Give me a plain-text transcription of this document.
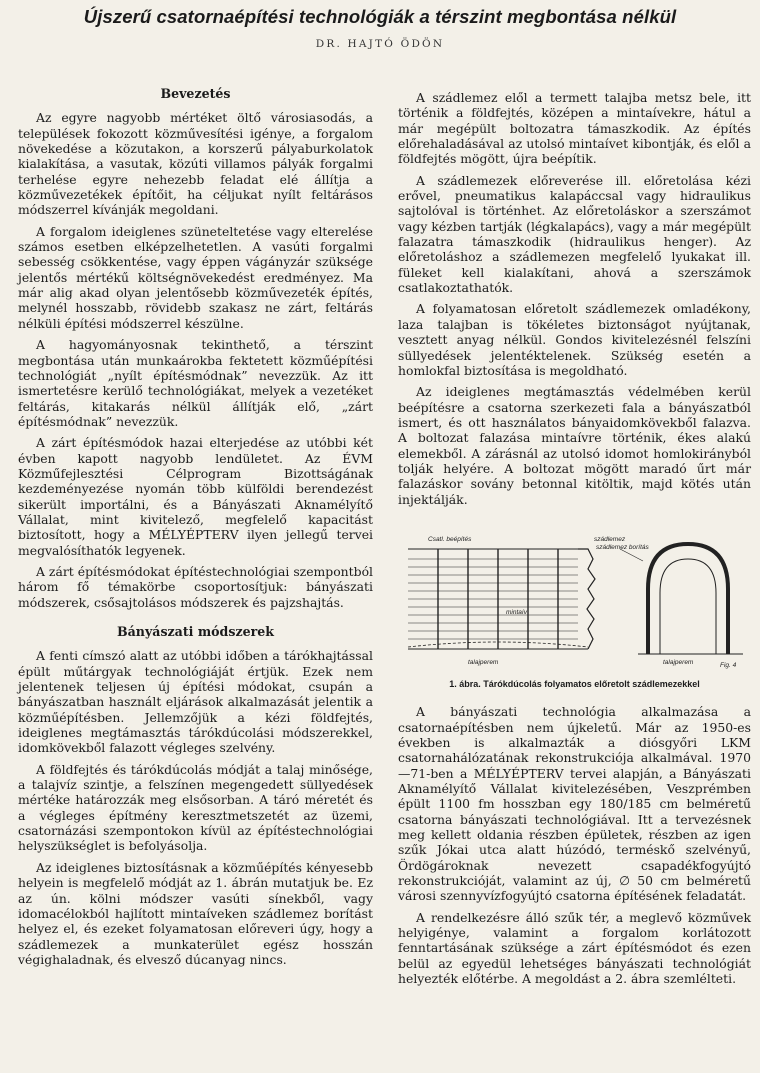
Újszerű csatornaépítési technológiák a térszint megbontása nélkül
DR. HAJTÓ ÖDÖN
Bevezetés

Az egyre nagyobb mértéket öltő városiasodás, a települések fokozott közművesítési igénye, a forgalom növekedése a közutakon, a korszerű pályaburkolatok kialakítása, a vasutak, közúti villamos pályák forgalmi terhelése egyre nehezebb feladat elé állítja a közművezetékek építőit, ha céljukat nyílt feltárásos módszerrel kívánják megoldani.

A forgalom ideiglenes szüneteltetése vagy elterelése számos esetben elképzelhetetlen. A vasúti forgalmi sebesség csökkentése, vagy éppen vágányzár szüksége jelentős mértékű költségnövekedést eredményez. Ma már alig akad olyan jelentősebb közművezeték építés, melynél hosszabb, rövidebb szakasz ne zárt, feltárás nélküli építési módszerrel készülne.

A hagyományosnak tekinthető, a térszint megbontása után munkaárokba fektetett közműépítési technológiát „nyílt építésmódnak” nevezzük. Az itt ismertetésre kerülő technológiákat, melyek a vezetéket feltárás, kitakarás nélkül állítják elő, „zárt építésmódnak” nevezzük.

A zárt építésmódok hazai elterjedése az utóbbi két évben kapott nagyobb lendületet. Az ÉVM Közműfejlesztési Célprogram Bizottságának kezdeményezése nyomán több külföldi berendezést sikerült importálni, és a Bányászati Aknamélyítő Vállalat, mint kivitelező, megfelelő kapacitást biztosított, hogy a MÉLYÉPTERV ilyen jellegű tervei megvalósíthatók legyenek.

A zárt építésmódokat építéstechnológiai szempontból három fő témakörbe csoportosítjuk: bányászati módszerek, csősajtolásos módszerek és pajzshajtás.

Bányászati módszerek

A fenti címszó alatt az utóbbi időben a tárókhajtással épült műtárgyak technológiáját értjük. Ezek nem jelentenek teljesen új építési módokat, csupán a bányászatban használt eljárások alkalmazását jelentik a közműépítésben. Jellemzőjük a kézi földfejtés, ideiglenes megtámasztás tárókdúcolási módszerekkel, idomkövekből falazott végleges szelvény.

A földfejtés és tárókdúcolás módját a talaj minősége, a talajvíz szintje, a felszínen megengedett süllyedések mértéke határozzák meg elsősorban. A táró méretét és a végleges építmény keresztmetszetét az üzemi, csatornázási szempontokon kívül az építéstechnológiai helyszükséglet is befolyásolja.

Az ideiglenes biztosításnak a közműépítés kényesebb helyein is megfelelő módját az 1. ábrán mutatjuk be. Ez az ún. kölni módszer vasúti sínekből, vagy idomacélokból hajlított mintaíveken szádlemez borítást helyez el, és ezeket folyamatosan előreveri úgy, hogy a szádlemezek a munkaterület egész hosszán végighaladnak, és elvesző dúcanyag nincs.

A szádlemez elől a termett talajba metsz bele, itt történik a földfejtés, középen a mintaívekre, hátul a már megépült boltozatra támaszkodik. Az építés előrehaladásával az utolsó mintaívet kibontják, és elől a földfejtés mögött, újra beépítik.

A szádlemezek előreverése ill. előretolása kézi erővel, pneumatikus kalapáccsal vagy hidraulikus sajtolóval is történhet. Az előretoláskor a szerszámot vagy kézben tartják (légkalapács), vagy a már megépült falazatra támaszkodik (hidraulikus henger). Az előretoláshoz a szádlemezen megfelelő lyukakat ill. füleket kell kialakítani, ahová a szerszámok csatlakoztathatók.

A folyamatosan előretolt szádlemezek omladékony, laza talajban is tökéletes biztonságot nyújtanak, vesztett anyag nélkül. Gondos kivitelezésnél felszíni süllyedések jelentéktelenek. Szükség esetén a homlokfal biztosítása is megoldható.

Az ideiglenes megtámasztás védelmében kerül beépítésre a csatorna szerkezeti fala a bányászatból ismert, és ott használatos bányaidomkövekből falazva. A boltozat falazása mintaívre történik, ékes alakú elemekből. A zárásnál az utolsó idomot homlokirányból tolják helyére. A boltozat mögött maradó űrt már falazáskor sovány betonnal kitöltik, majd kötés után injektálják.

Csatl. beépítés	szádlemez
szádlemez borítás
mintaív
talajperem	talajperem	Fig. 4
1. ábra. Tárókdúcolás folyamatos előretolt szádlemezekkel

A bányászati technológia alkalmazása a csatornaépítésben nem újkeletű. Már az 1950-es években is alkalmazták a diósgyőri LKM csatornahálózatának rekonstrukciója alkalmával. 1970—71-ben a MÉLYÉPTERV tervei alapján, a Bányászati Aknamélyítő Vállalat kivitelezésében, Veszprémben épült 1100 fm hosszban egy 180/185 cm belméretű csatorna bányászati technológiával. Itt a tervezésnek meg kellett oldania részben épületek, részben az igen szűk Jókai utca alatt húzódó, terméskő szelvényű, Ördögároknak nevezett csapadékfogyújtó rekonstrukcióját, valamint az új, ∅ 50 cm belméretű városi szennyvízfogyújtó csatorna építésének feladatát.

A rendelkezésre álló szűk tér, a meglevő közművek helyigénye, valamint a forgalom korlátozott fenntartásának szüksége a zárt építésmódot és ezen belül az egyedül lehetséges bányászati technológiát helyezték előtérbe. A megoldást a 2. ábra szemlélteti.
